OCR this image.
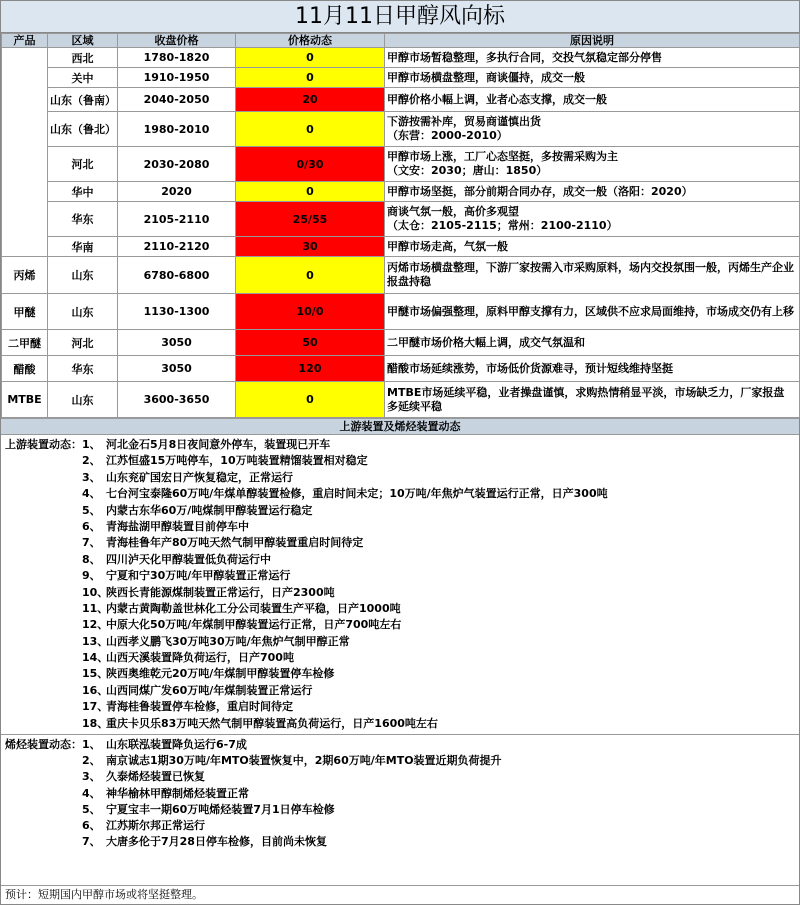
11月11日甲醇风向标
产品	区域	收盘价格	价格动态	原因说明
	西北	1780-1820	0	甲醇市场暂稳整理，多执行合同，交投气氛稳定部分停售

	关中	1910-1950	0	甲醇市场横盘整理，商谈僵持，成交一般

	山东（鲁南）	2040-2050	20	甲醇价格小幅上调，业者心态支撑，成交一般

	山东（鲁北）	1980-2010	0	下游按需补库，贸易商谨慎出货
（东营：2000-2010）

	河北	2030-2080	0/30	甲醇市场上涨，工厂心态坚挺，多按需采购为主
（文安：2030；唐山：1850）

	华中	2020	0	甲醇市场坚挺，部分前期合同办存，成交一般（洛阳：2020）

	华东	2105-2110	25/55	商谈气氛一般，高价多观望
（太仓：2105-2115；常州：2100-2110）

	华南	2110-2120	30	甲醇市场走高，气氛一般

丙烯	山东	6780-6800	0	丙烯市场横盘整理，下游厂家按需入市采购原料，场内交投氛围一般，丙烯生产企业
报盘持稳

甲醚	山东	1130-1300	10/0	甲醚市场偏强整理，原料甲醇支撑有力，区域供不应求局面维持，市场成交仍有上移

二甲醚	河北	3050	50	二甲醚市场价格大幅上调，成交气氛温和

醋酸	华东	3050	120	醋酸市场延续涨势，市场低价货源难寻，预计短线维持坚挺

MTBE	山东	3600-3650	0	MTBE市场延续平稳，业者操盘谨慎，求购热情稍显平淡，市场缺乏力，厂家报盘
多延续平稳
上游装置及烯烃装置动态
上游装置动态：1、 河北金石5月8日夜间意外停车，装置现已开车
2、 江苏恒盛15万吨停车，10万吨装置精馏装置相对稳定
3、 山东兖矿国宏日产恢复稳定，正常运行
4、 七台河宝泰隆60万吨/年煤单醇装置检修，重启时间未定；10万吨/年焦炉气装置运行正常，日产300吨
5、 内蒙古东华60万/吨煤制甲醇装置运行稳定
6、 青海盐湖甲醇装置目前停车中
7、 青海桂鲁年产80万吨天然气制甲醇装置重启时间待定
8、 四川泸天化甲醇装置低负荷运行中
9、 宁夏和宁30万吨/年甲醇装置正常运行
10、陕西长青能源煤制装置正常运行，日产2300吨
11、内蒙古黄陶勒盖世林化工分公司装置生产平稳，日产1000吨
12、中原大化50万吨/年煤制甲醇装置运行正常，日产700吨左右
13、山西孝义鹏飞30万吨30万吨/年焦炉气制甲醇正常
14、山西天溪装置降负荷运行，日产700吨
15、陕西奥维乾元20万吨/年煤制甲醇装置停车检修
16、山西同煤广发60万吨/年煤制装置正常运行
17、青海桂鲁装置停车检修，重启时间待定
18、重庆卡贝乐83万吨天然气制甲醇装置高负荷运行，日产1600吨左右
烯烃装置动态：1、 山东联泓装置降负运行6-7成
2、 南京诚志1期30万吨/年MTO装置恢复中，2期60万吨/年MTO装置近期负荷提升
3、 久泰烯烃装置已恢复
4、 神华榆林甲醇制烯烃装置正常
5、 宁夏宝丰一期60万吨烯烃装置7月1日停车检修
6、 江苏斯尔邦正常运行
7、 大唐多伦于7月28日停车检修，目前尚未恢复
预计：短期国内甲醇市场或将坚挺整理。
